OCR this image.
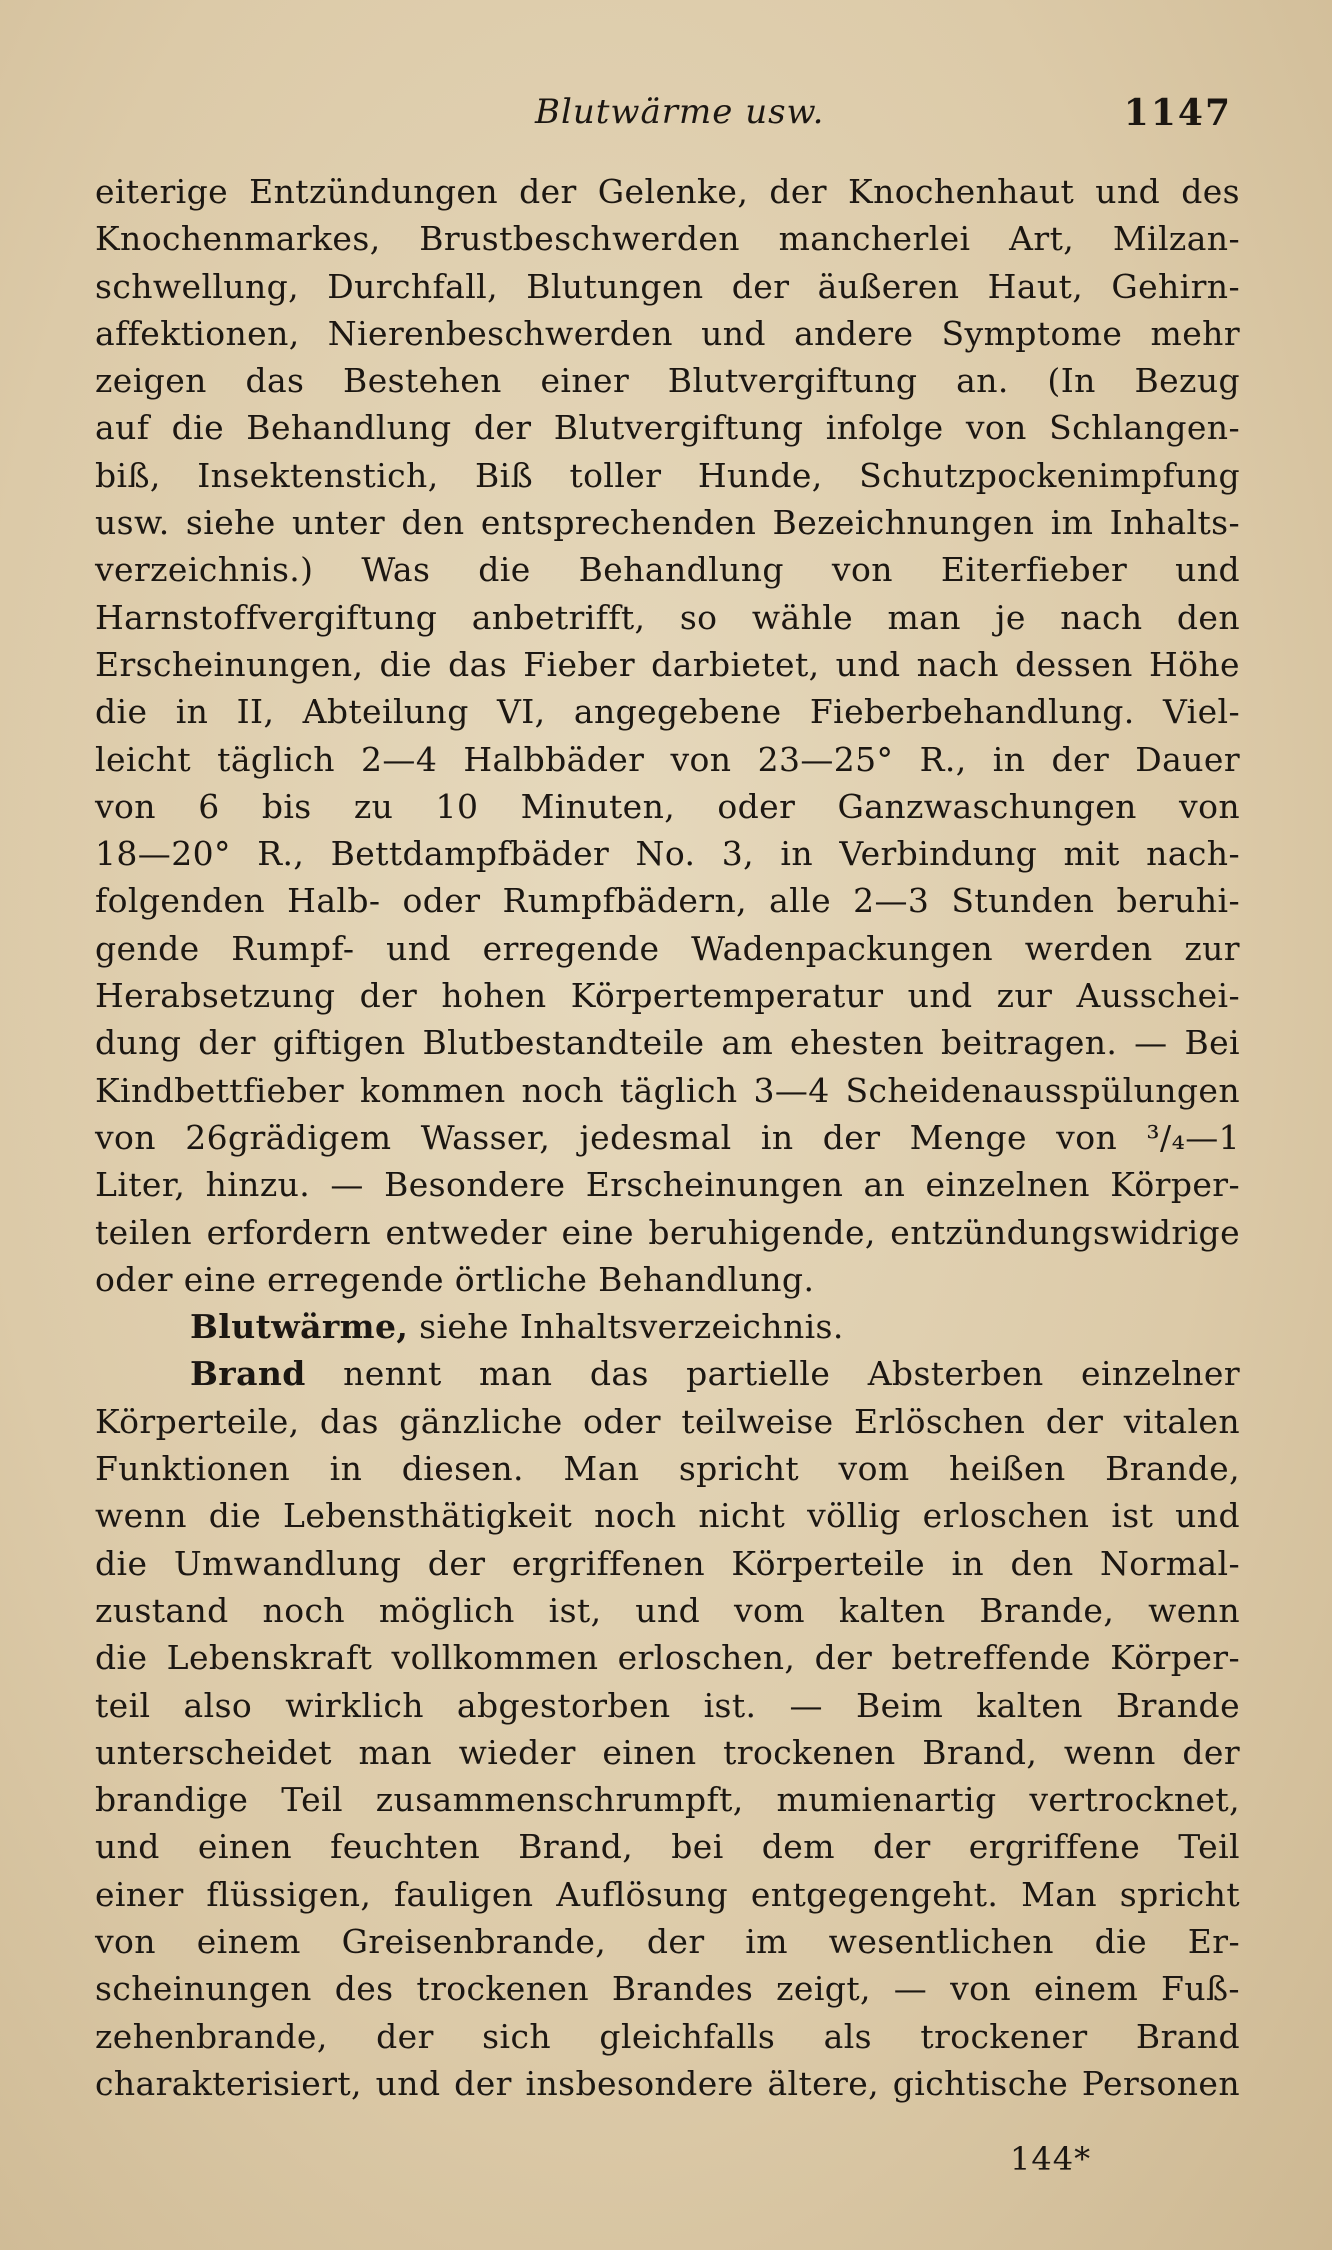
Blutwärme usw.	1147
eiterige Entzündungen der Gelenke, der Knochenhaut und des
Knochenmarkes, Brustbeschwerden mancherlei Art, Milzan-
schwellung, Durchfall, Blutungen der äußeren Haut, Gehirn-
affektionen, Nierenbeschwerden und andere Symptome mehr
zeigen das Bestehen einer Blutvergiftung an. (In Bezug
auf die Behandlung der Blutvergiftung infolge von Schlangen-
biß, Insektenstich, Biß toller Hunde, Schutzpockenimpfung
usw. siehe unter den entsprechenden Bezeichnungen im Inhalts-
verzeichnis.) Was die Behandlung von Eiterfieber und
Harnstoffvergiftung anbetrifft, so wähle man je nach den
Erscheinungen, die das Fieber darbietet, und nach dessen Höhe
die in II, Abteilung VI, angegebene Fieberbehandlung. Viel-
leicht täglich 2—4 Halbbäder von 23—25° R., in der Dauer
von 6 bis zu 10 Minuten, oder Ganzwaschungen von
18—20° R., Bettdampfbäder No. 3, in Verbindung mit nach-
folgenden Halb- oder Rumpfbädern, alle 2—3 Stunden beruhi-
gende Rumpf- und erregende Wadenpackungen werden zur
Herabsetzung der hohen Körpertemperatur und zur Ausschei-
dung der giftigen Blutbestandteile am ehesten beitragen. — Bei
Kindbettfieber kommen noch täglich 3—4 Scheidenausspülungen
von 26grädigem Wasser, jedesmal in der Menge von ³/₄—1
Liter, hinzu. — Besondere Erscheinungen an einzelnen Körper-
teilen erfordern entweder eine beruhigende, entzündungswidrige
oder eine erregende örtliche Behandlung.
Blutwärme, siehe Inhaltsverzeichnis.
Brand nennt man das partielle Absterben einzelner
Körperteile, das gänzliche oder teilweise Erlöschen der vitalen
Funktionen in diesen. Man spricht vom heißen Brande,
wenn die Lebensthätigkeit noch nicht völlig erloschen ist und
die Umwandlung der ergriffenen Körperteile in den Normal-
zustand noch möglich ist, und vom kalten Brande, wenn
die Lebenskraft vollkommen erloschen, der betreffende Körper-
teil also wirklich abgestorben ist. — Beim kalten Brande
unterscheidet man wieder einen trockenen Brand, wenn der
brandige Teil zusammenschrumpft, mumienartig vertrocknet,
und einen feuchten Brand, bei dem der ergriffene Teil
einer flüssigen, fauligen Auflösung entgegengeht. Man spricht
von einem Greisenbrande, der im wesentlichen die Er-
scheinungen des trockenen Brandes zeigt, — von einem Fuß-
zehenbrande, der sich gleichfalls als trockener Brand
charakterisiert, und der insbesondere ältere, gichtische Personen
144*
